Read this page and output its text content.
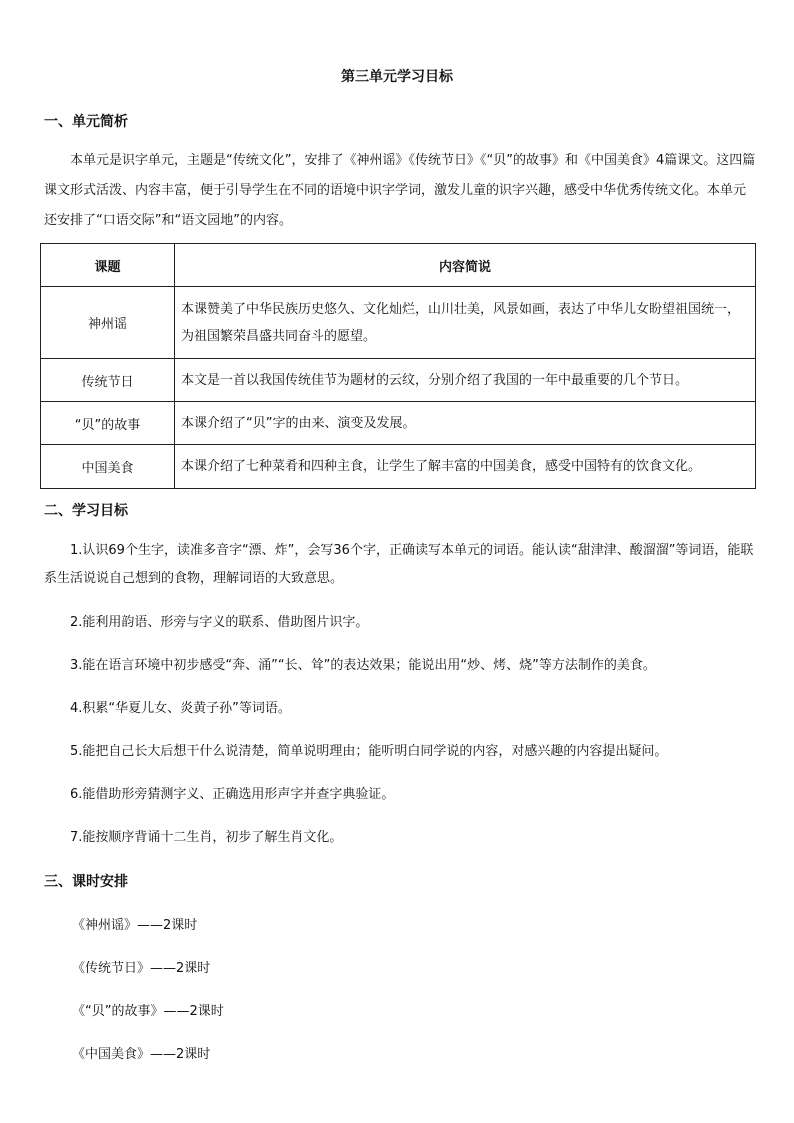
第三单元学习目标
一、单元简析
本单元是识字单元，主题是“传统文化”，安排了《神州谣》《传统节日》《“贝”的故事》和《中国美食》4篇课文。这四篇课文形式活泼、内容丰富，便于引导学生在不同的语境中识字学词，激发儿童的识字兴趣，感受中华优秀传统文化。本单元还安排了“口语交际”和“语文园地”的内容。
课题	内容简说
神州谣	本课赞美了中华民族历史悠久、文化灿烂，山川壮美，风景如画，表达了中华儿女盼望祖国统一，为祖国繁荣昌盛共同奋斗的愿望。
传统节日	本文是一首以我国传统佳节为题材的云纹，分别介绍了我国的一年中最重要的几个节日。
“贝”的故事	本课介绍了“贝”字的由来、演变及发展。
中国美食	本课介绍了七种菜肴和四种主食，让学生了解丰富的中国美食，感受中国特有的饮食文化。
二、学习目标
1.认识69个生字，读准多音字“漂、炸”，会写36个字，正确读写本单元的词语。能认读“甜津津、酸溜溜”等词语，能联系生活说说自己想到的食物，理解词语的大致意思。
2.能利用韵语、形旁与字义的联系、借助图片识字。
3.能在语言环境中初步感受“奔、涌”“长、耸”的表达效果；能说出用“炒、烤、烧”等方法制作的美食。
4.积累“华夏儿女、炎黄子孙”等词语。
5.能把自己长大后想干什么说清楚，简单说明理由；能听明白同学说的内容，对感兴趣的内容提出疑问。
6.能借助形旁猜测字义、正确选用形声字并查字典验证。
7.能按顺序背诵十二生肖，初步了解生肖文化。
三、课时安排
《神州谣》——2课时
《传统节日》——2课时
《“贝”的故事》——2课时
《中国美食》——2课时
